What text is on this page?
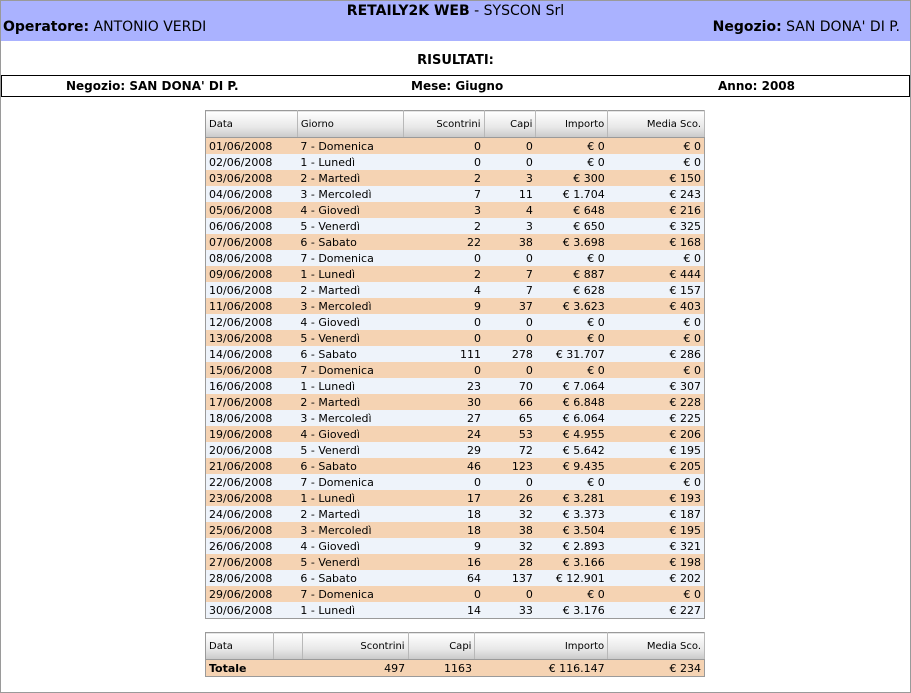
RETAILY2K WEB - SYSCON Srl
Operatore: ANTONIO VERDI	Negozio: SAN DONA' DI P.
RISULTATI:
Negozio: SAN DONA' DI P.	Mese: Giugno	Anno: 2008
Data	Giorno	Scontrini	Capi	Importo	Media Sco.
01/06/2008	7 - Domenica	0	0	€ 0	€ 0
02/06/2008	1 - Lunedì	0	0	€ 0	€ 0
03/06/2008	2 - Martedì	2	3	€ 300	€ 150
04/06/2008	3 - Mercoledì	7	11	€ 1.704	€ 243
05/06/2008	4 - Giovedì	3	4	€ 648	€ 216
06/06/2008	5 - Venerdì	2	3	€ 650	€ 325
07/06/2008	6 - Sabato	22	38	€ 3.698	€ 168
08/06/2008	7 - Domenica	0	0	€ 0	€ 0
09/06/2008	1 - Lunedì	2	7	€ 887	€ 444
10/06/2008	2 - Martedì	4	7	€ 628	€ 157
11/06/2008	3 - Mercoledì	9	37	€ 3.623	€ 403
12/06/2008	4 - Giovedì	0	0	€ 0	€ 0
13/06/2008	5 - Venerdì	0	0	€ 0	€ 0
14/06/2008	6 - Sabato	111	278	€ 31.707	€ 286
15/06/2008	7 - Domenica	0	0	€ 0	€ 0
16/06/2008	1 - Lunedì	23	70	€ 7.064	€ 307
17/06/2008	2 - Martedì	30	66	€ 6.848	€ 228
18/06/2008	3 - Mercoledì	27	65	€ 6.064	€ 225
19/06/2008	4 - Giovedì	24	53	€ 4.955	€ 206
20/06/2008	5 - Venerdì	29	72	€ 5.642	€ 195
21/06/2008	6 - Sabato	46	123	€ 9.435	€ 205
22/06/2008	7 - Domenica	0	0	€ 0	€ 0
23/06/2008	1 - Lunedì	17	26	€ 3.281	€ 193
24/06/2008	2 - Martedì	18	32	€ 3.373	€ 187
25/06/2008	3 - Mercoledì	18	38	€ 3.504	€ 195
26/06/2008	4 - Giovedì	9	32	€ 2.893	€ 321
27/06/2008	5 - Venerdì	16	28	€ 3.166	€ 198
28/06/2008	6 - Sabato	64	137	€ 12.901	€ 202
29/06/2008	7 - Domenica	0	0	€ 0	€ 0
30/06/2008	1 - Lunedì	14	33	€ 3.176	€ 227
Data		Scontrini	Capi	Importo	Media Sco.
Totale		497	1163	€ 116.147	€ 234
